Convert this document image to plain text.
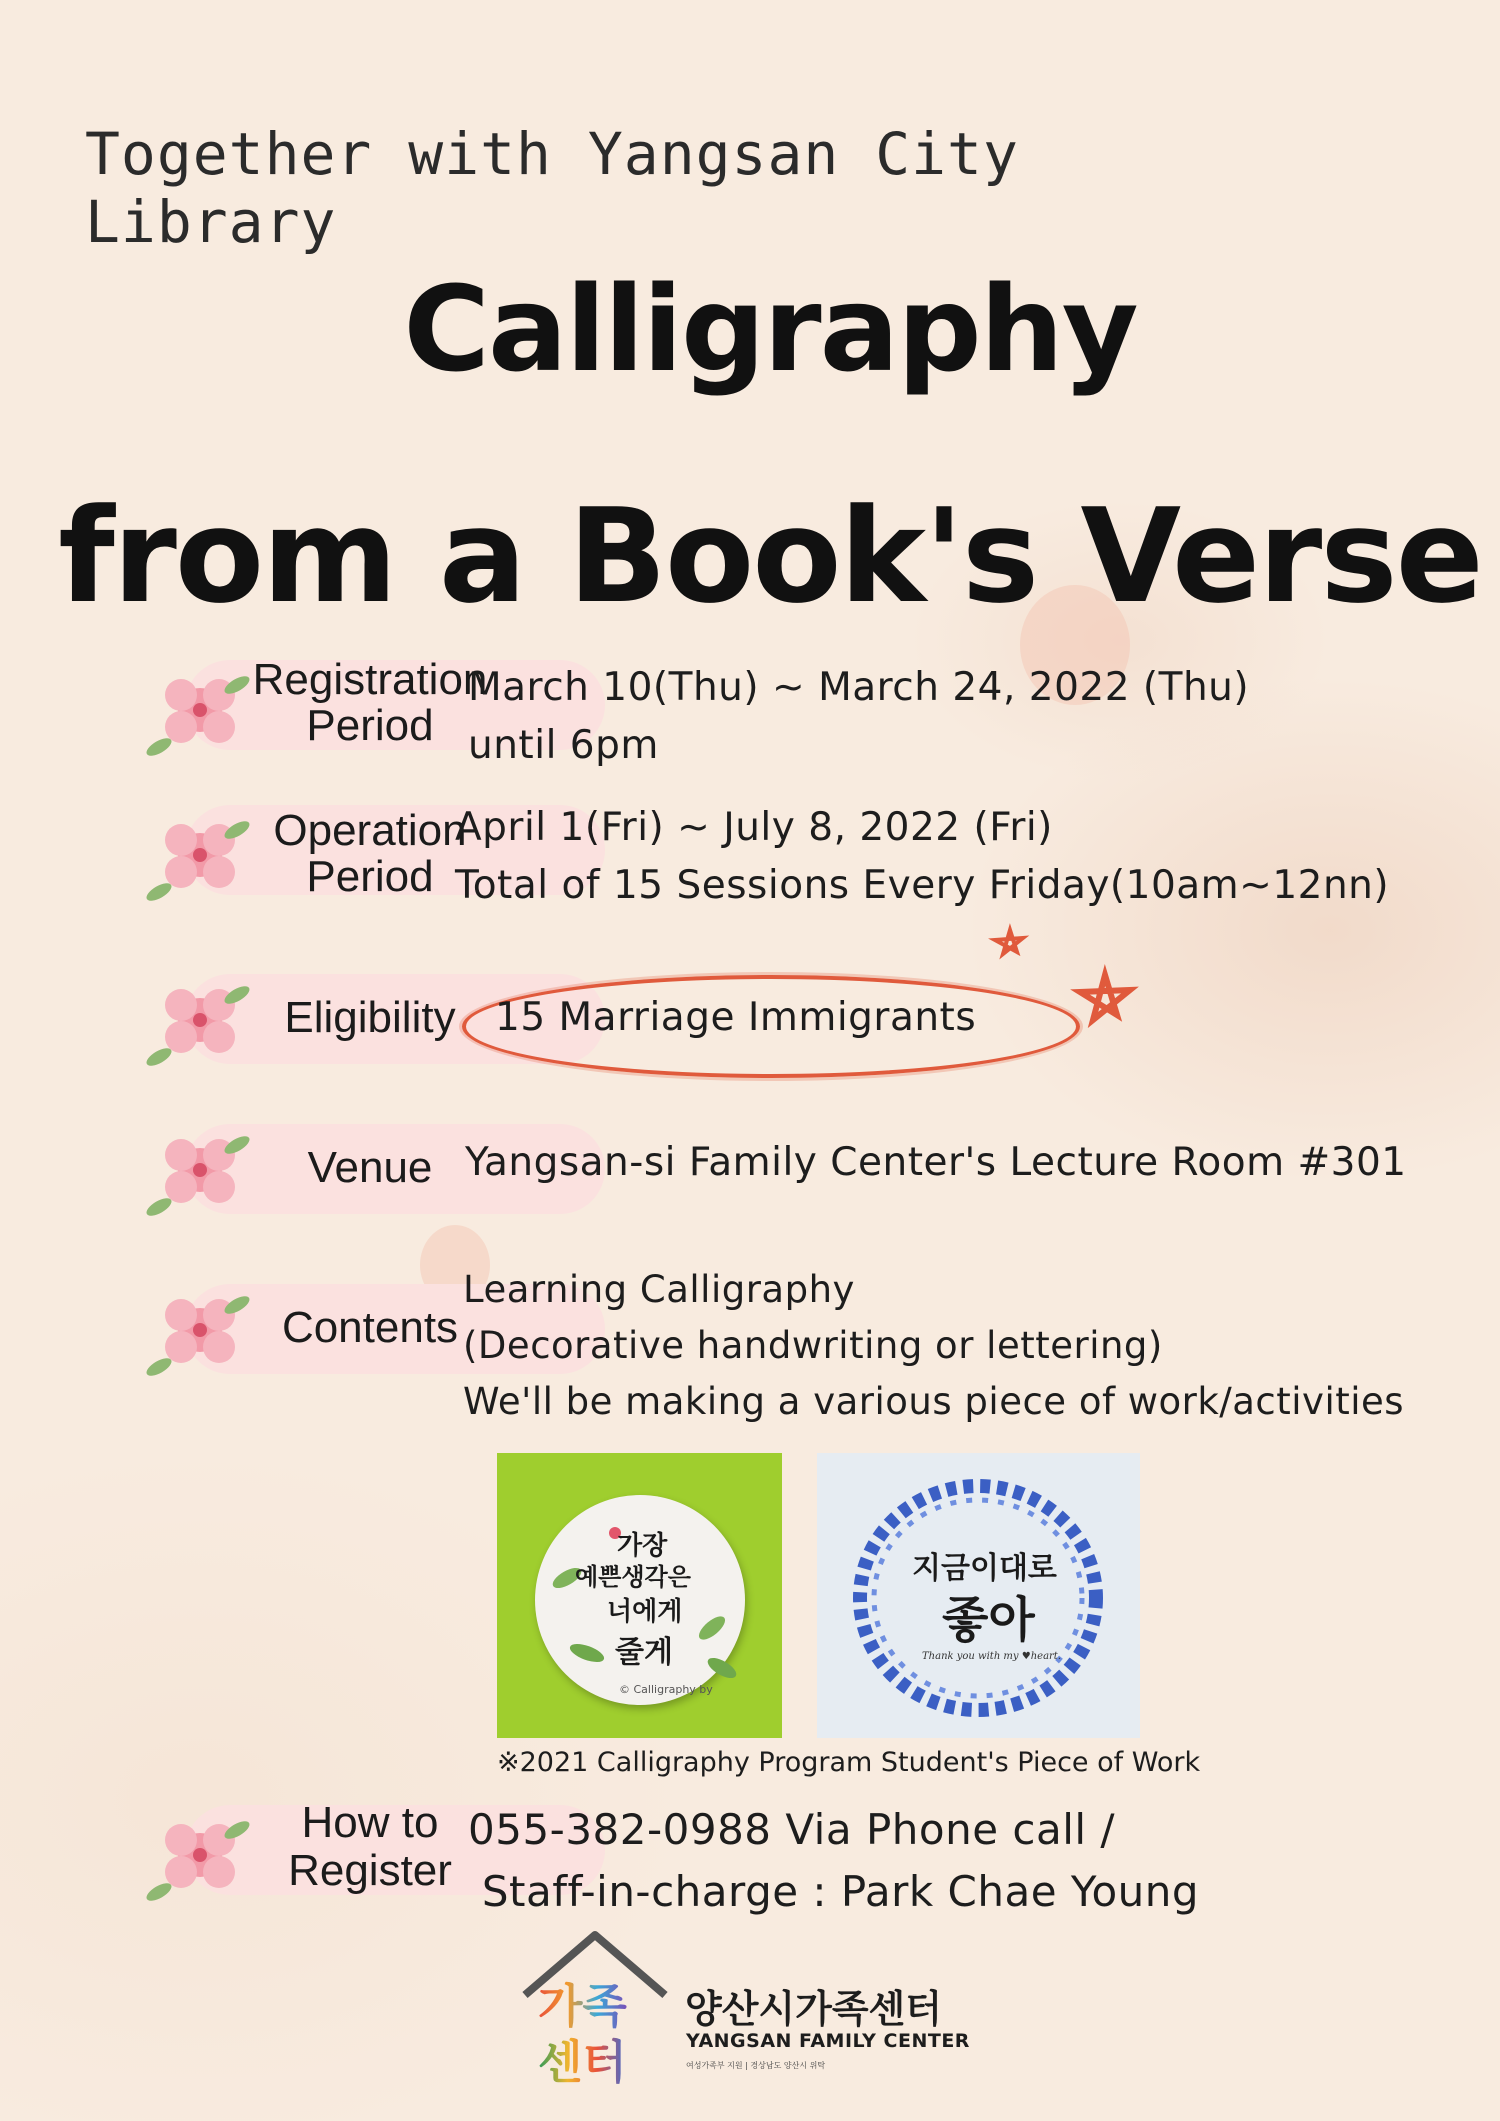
Together with Yangsan City Library
Calligraphy
from a Book's Verse
Registration
Period
March 10(Thu) ~ March 24, 2022 (Thu)
until 6pm
Operation
Period
April 1(Fri) ~ July 8, 2022 (Fri)
Total of 15 Sessions Every Friday(10am~12nn)
Eligibility	15 Marriage Immigrants
Venue Yangsan-si Family Center's Lecture Room #301
Contents
Learning Calligraphy
(Decorative handwriting or lettering)
We'll be making a various piece of work/activities
가장
예쁜생각은
너에게
줄게
© Calligraphy by
지금이대로
좋아
Thank you with my ♥heart.
※2021 Calligraphy Program Student's Piece of Work
How to
Register
055-382-0988 Via Phone call /
Staff-in-charge : Park Chae Young
가족
센터
양산시가족센터
YANGSAN FAMILY CENTER
여성가족부 지원 | 경상남도 양산시 위탁
